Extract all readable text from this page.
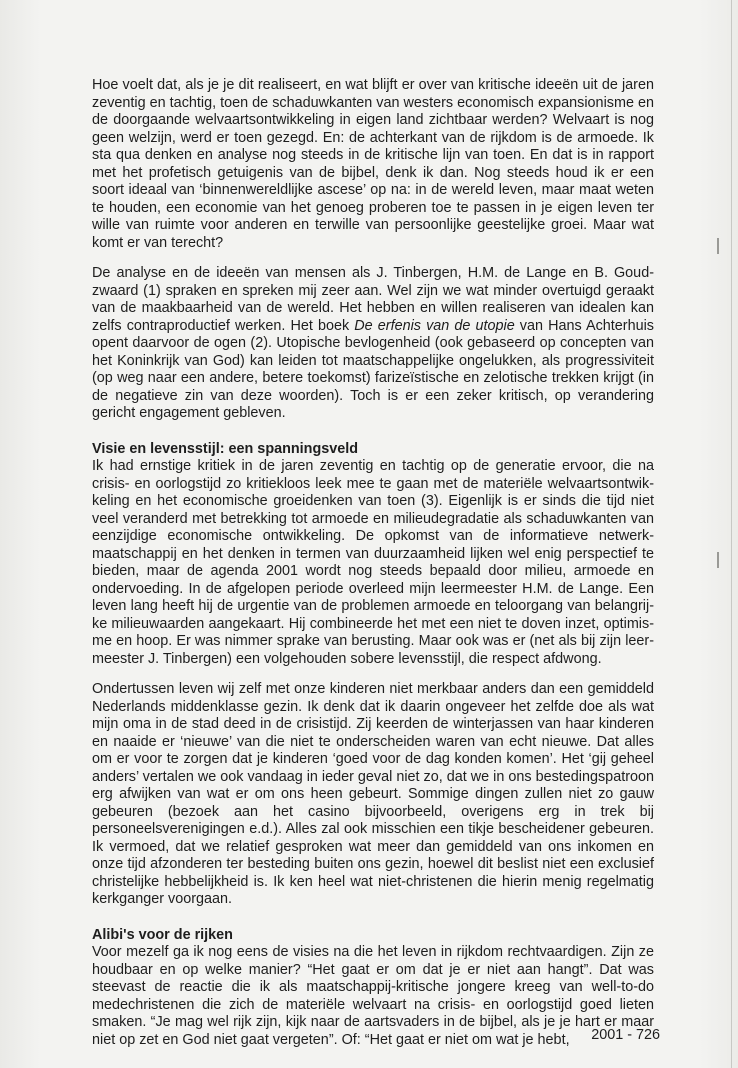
Hoe voelt dat, als je je dit realiseert, en wat blijft er over van kritische ideeën uit de jaren zeventig en tachtig, toen de schaduwkanten van westers economisch expansionisme en de doorgaande welvaartsontwikkeling in eigen land zichtbaar werden? Welvaart is nog geen welzijn, werd er toen gezegd. En: de achterkant van de rijkdom is de armoede. Ik sta qua denken en analyse nog steeds in de kritische lijn van toen. En dat is in rapport met het profetisch getuigenis van de bijbel, denk ik dan. Nog steeds houd ik er een soort ideaal van ‘binnenwereldlijke ascese’ op na: in de wereld leven, maar maat weten te houden, een economie van het genoeg proberen toe te passen in je eigen leven ter wille van ruimte voor anderen en terwille van persoonlijke geestelijke groei. Maar wat komt er van terecht?

De analyse en de ideeën van mensen als J. Tinbergen, H.M. de Lange en B. Goudzwaard (1) spraken en spreken mij zeer aan. Wel zijn we wat minder overtuigd geraakt van de maakbaarheid van de wereld. Het hebben en willen realiseren van idealen kan zelfs contraproductief werken. Het boek De erfenis van de utopie van Hans Achterhuis opent daarvoor de ogen (2). Utopische bevlogenheid (ook gebaseerd op concepten van het Koninkrijk van God) kan leiden tot maatschappelijke ongelukken, als progressiviteit (op weg naar een andere, betere toekomst) farizeïstische en zelotische trekken krijgt (in de negatieve zin van deze woorden). Toch is er een zeker kritisch, op verandering gericht engagement gebleven.

Visie en levensstijl: een spanningsveld

Ik had ernstige kritiek in de jaren zeventig en tachtig op de generatie ervoor, die na crisis- en oorlogstijd zo kritiekloos leek mee te gaan met de materiële welvaartsontwikkeling en het economische groeidenken van toen (3). Eigenlijk is er sinds die tijd niet veel veranderd met betrekking tot armoede en milieudegradatie als schaduwkanten van eenzijdige economische ontwikkeling. De opkomst van de informatieve netwerkmaatschappij en het denken in termen van duurzaamheid lijken wel enig perspectief te bieden, maar de agenda 2001 wordt nog steeds bepaald door milieu, armoede en ondervoeding. In de afgelopen periode overleed mijn leermeester H.M. de Lange. Een leven lang heeft hij de urgentie van de problemen armoede en teloorgang van belangrijke milieuwaarden aangekaart. Hij combineerde het met een niet te doven inzet, optimisme en hoop. Er was nimmer sprake van berusting. Maar ook was er (net als bij zijn leermeester J. Tinbergen) een volgehouden sobere levensstijl, die respect afdwong.

Ondertussen leven wij zelf met onze kinderen niet merkbaar anders dan een gemiddeld Nederlands middenklasse gezin. Ik denk dat ik daarin ongeveer het zelfde doe als wat mijn oma in de stad deed in de crisistijd. Zij keerden de winterjassen van haar kinderen en naaide er ‘nieuwe’ van die niet te onderscheiden waren van echt nieuwe. Dat alles om er voor te zorgen dat je kinderen ‘goed voor de dag konden komen’. Het ‘gij geheel anders’ vertalen we ook vandaag in ieder geval niet zo, dat we in ons bestedingspatroon erg afwijken van wat er om ons heen gebeurt. Sommige dingen zullen niet zo gauw gebeuren (bezoek aan het casino bijvoorbeeld, overigens erg in trek bij personeelsverenigingen e.d.). Alles zal ook misschien een tikje bescheidener gebeuren. Ik vermoed, dat we relatief gesproken wat meer dan gemiddeld van ons inkomen en onze tijd afzonderen ter besteding buiten ons gezin, hoewel dit beslist niet een exclusief christelijke hebbelijkheid is. Ik ken heel wat niet-christenen die hierin menig regelmatig kerkganger voorgaan.

Alibi's voor de rijken

Voor mezelf ga ik nog eens de visies na die het leven in rijkdom rechtvaardigen. Zijn ze houdbaar en op welke manier? “Het gaat er om dat je er niet aan hangt”. Dat was steevast de reactie die ik als maatschappij-kritische jongere kreeg van well-to-do medechristenen die zich de materiële welvaart na crisis- en oorlogstijd goed lieten smaken. “Je mag wel rijk zijn, kijk naar de aartsvaders in de bijbel, als je je hart er maar niet op zet en God niet gaat vergeten”. Of: “Het gaat er niet om wat je hebt,	2001 - 726
